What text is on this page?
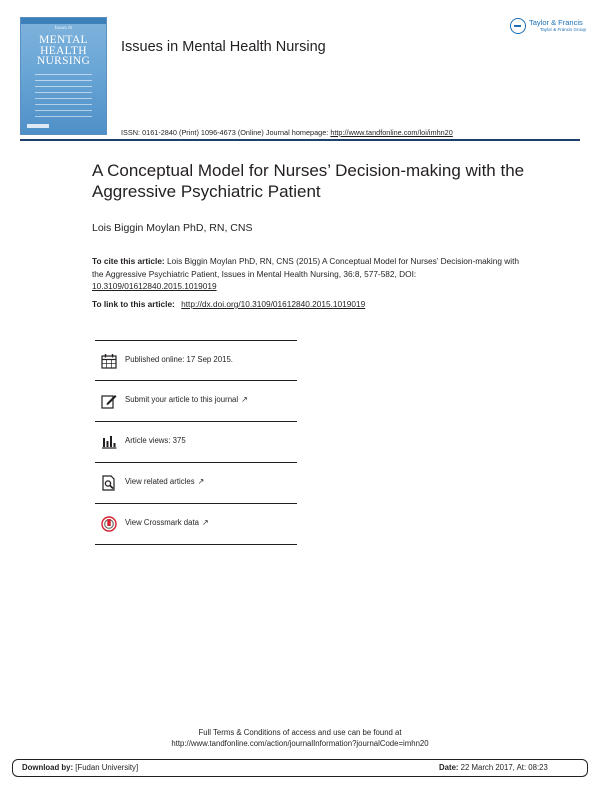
Issues In
MENTAL
HEALTH
NURSING
Issues in Mental Health Nursing
Taylor & Francis
Taylor & Francis Group
ISSN: 0161-2840 (Print) 1096-4673 (Online) Journal homepage: http://www.tandfonline.com/loi/imhn20
A Conceptual Model for Nurses’ Decision-making with the Aggressive Psychiatric Patient
Lois Biggin Moylan PhD, RN, CNS
To cite this article: Lois Biggin Moylan PhD, RN, CNS (2015) A Conceptual Model for Nurses’ Decision-making with the Aggressive Psychiatric Patient, Issues in Mental Health Nursing, 36:8, 577-582, DOI: 10.3109/01612840.2015.1019019
To link to this article: http://dx.doi.org/10.3109/01612840.2015.1019019
Published online: 17 Sep 2015.
Submit your article to this journal ↗
Article views: 375
View related articles ↗
View Crossmark data ↗
Full Terms & Conditions of access and use can be found at
http://www.tandfonline.com/action/journalInformation?journalCode=imhn20
Download by: [Fudan University]	Date: 22 March 2017, At: 08:23
